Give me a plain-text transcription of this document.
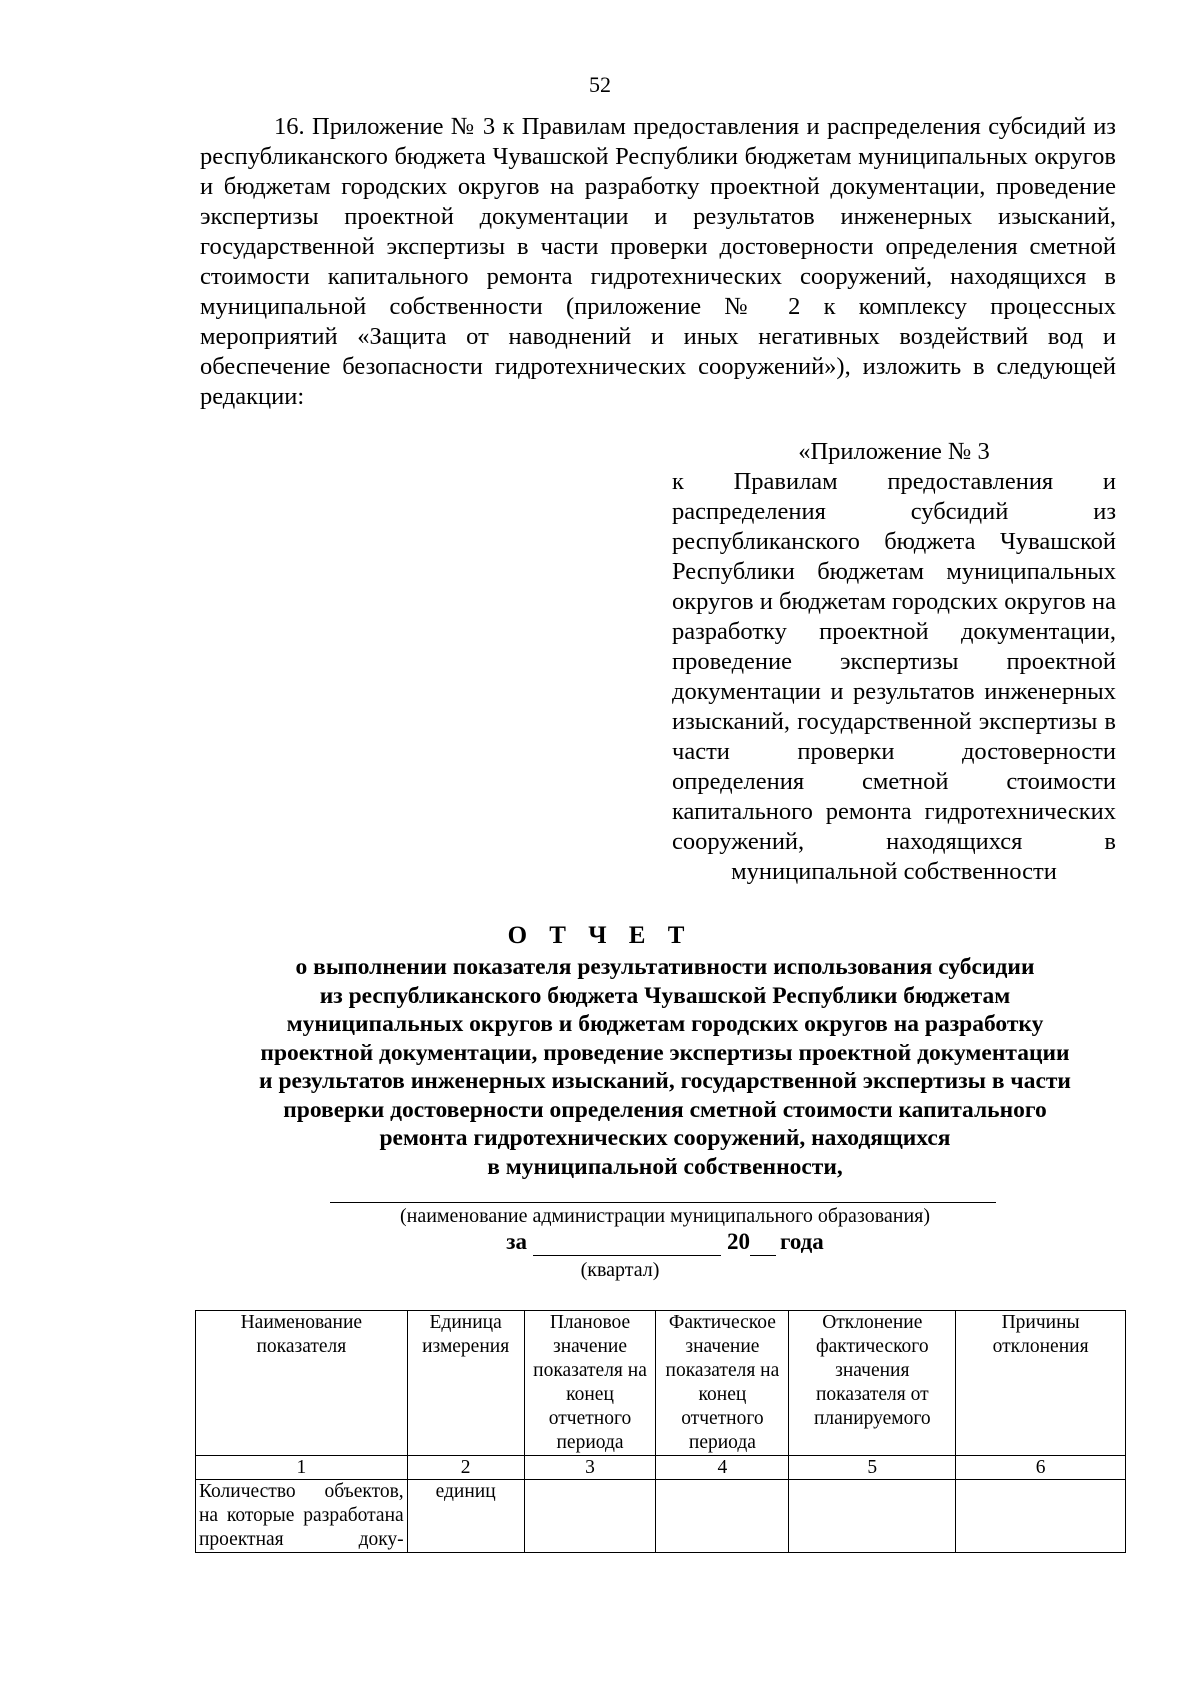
52
16. Приложение № 3 к Правилам предоставления и распределения субсидий из республиканского бюджета Чувашской Республики бюджетам муниципальных округов и бюджетам городских округов на разработку проектной документации, проведение экспертизы проектной документации и результатов инженерных изысканий, государственной экспертизы в части проверки достоверности определения сметной стоимости капитального ремонта гидротехнических сооружений, находящихся в муниципальной собственности (приложение № 2 к комплексу процессных мероприятий «Защита от наводнений и иных негативных воздействий вод и обеспечение безопасности гидротехнических сооружений»), изложить в следующей редакции:
«Приложение № 3
к Правилам предоставления и распределения субсидий из республиканского бюджета Чувашской Республики бюджетам муниципальных округов и бюджетам городских округов на разработку проектной документации, проведение экспертизы проектной документации и результатов инженерных изысканий, государственной экспертизы в части проверки достоверности определения сметной стоимости капитального ремонта гидротехнических сооружений, находящихся в муниципальной собственности
О Т Ч Е Т
о выполнении показателя результативности использования субсидии
из республиканского бюджета Чувашской Республики бюджетам
муниципальных округов и бюджетам городских округов на разработку
проектной документации, проведение экспертизы проектной документации
и результатов инженерных изысканий, государственной экспертизы в части
проверки достоверности определения сметной стоимости капитального
ремонта гидротехнических сооружений, находящихся
в муниципальной собственности,
(наименование администрации муниципального образования)
за	20 года
(квартал)
Наименование показателя	Единица измерения	Плановое значение показателя на конец отчетного периода	Фактическое значение показателя на конец отчетного периода	Отклонение фактического значения показателя от планируемого	Причины отклонения
1	2	3	4	5	6
Количество объектов, на которые разработана проектная доку-	единиц				
